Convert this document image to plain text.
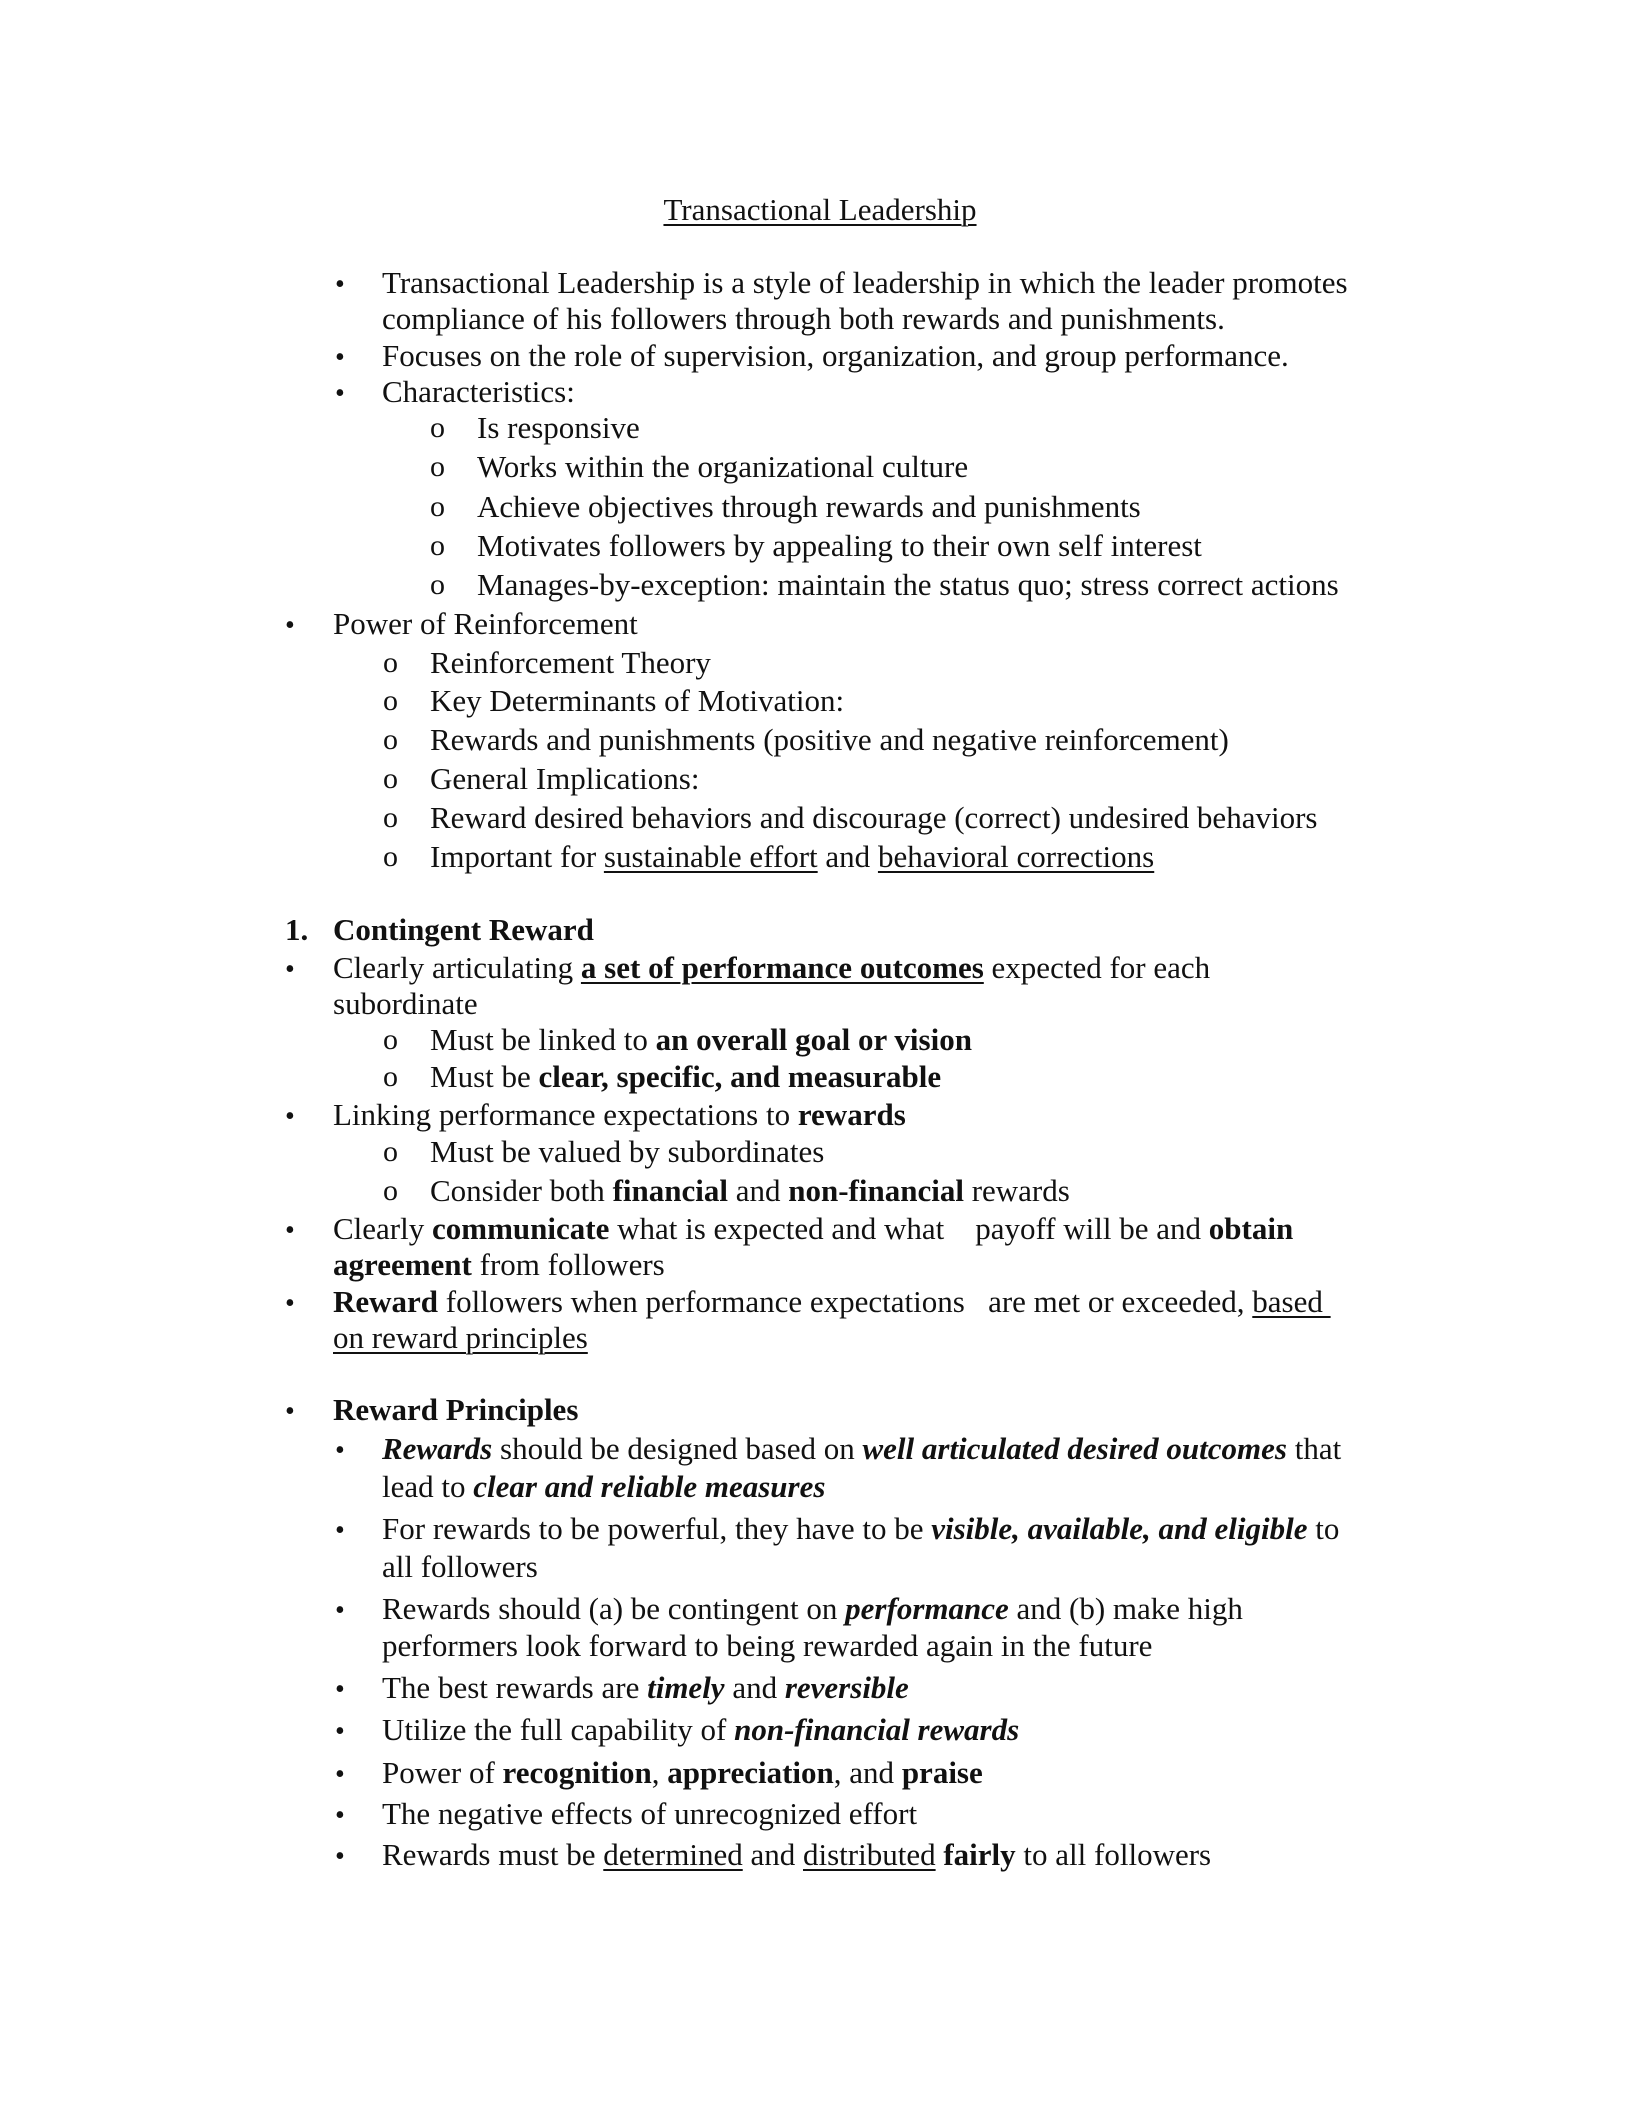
Transactional Leadership
• Transactional Leadership is a style of leadership in which the leader promotes
compliance of his followers through both rewards and punishments.
• Focuses on the role of supervision, organization, and group performance.
• Characteristics:
o Is responsive
o Works within the organizational culture
o Achieve objectives through rewards and punishments
o Motivates followers by appealing to their own self interest
o Manages-by-exception: maintain the status quo; stress correct actions
• Power of Reinforcement
o Reinforcement Theory
o Key Determinants of Motivation:
o Rewards and punishments (positive and negative reinforcement)
o General Implications:
o Reward desired behaviors and discourage (correct) undesired behaviors
o Important for sustainable effort and behavioral corrections
1. Contingent Reward
• Clearly articulating a set of performance outcomes expected for each
subordinate
o Must be linked to an overall goal or vision
o Must be clear, specific, and measurable
• Linking performance expectations to rewards
o Must be valued by subordinates
o Consider both financial and non-financial rewards
• Clearly communicate what is expected and what    payoff will be and obtain
agreement from followers
• Reward followers when performance expectations   are met or exceeded, based
on reward principles
• Reward Principles
• Rewards should be designed based on well articulated desired outcomes that
lead to clear and reliable measures
• For rewards to be powerful, they have to be visible, available, and eligible to
all followers
• Rewards should (a) be contingent on performance and (b) make high
performers look forward to being rewarded again in the future
• The best rewards are timely and reversible
• Utilize the full capability of non-financial rewards
• Power of recognition, appreciation, and praise
• The negative effects of unrecognized effort
• Rewards must be determined and distributed fairly to all followers
